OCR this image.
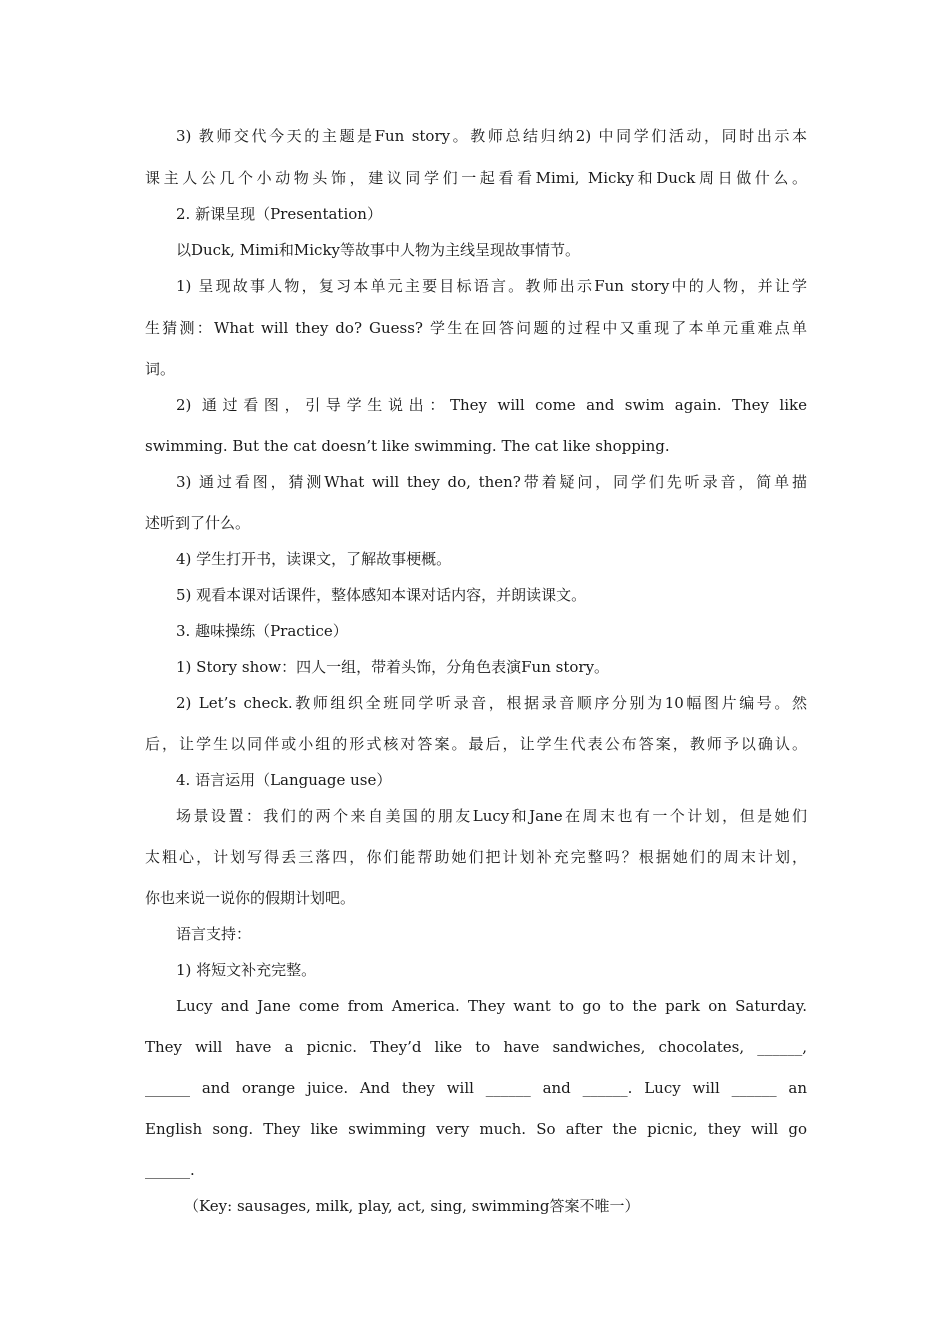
3) 教师交代今天的主题是Fun story。教师总结归纳2) 中同学们活动，同时出示本
课主人公几个小动物头饰，建议同学们一起看看Mimi, Micky和Duck周日做什么。
2. 新课呈现（Presentation）
以Duck, Mimi和Micky等故事中人物为主线呈现故事情节。
1) 呈现故事人物，复习本单元主要目标语言。教师出示Fun story中的人物，并让学
生猜测：What will they do? Guess? 学生在回答问题的过程中又重现了本单元重难点单
词。
2) 通过看图，引导学生说出：They will come and swim again. They like
swimming. But the cat doesn’t like swimming. The cat like shopping.
3) 通过看图，猜测What will they do, then?带着疑问，同学们先听录音，简单描
述听到了什么。
4) 学生打开书，读课文，了解故事梗概。
5) 观看本课对话课件，整体感知本课对话内容，并朗读课文。
3. 趣味操练（Practice）
1) Story show：四人一组，带着头饰，分角色表演Fun story。
2) Let’s check.教师组织全班同学听录音，根据录音顺序分别为10幅图片编号。然
后，让学生以同伴或小组的形式核对答案。最后，让学生代表公布答案，教师予以确认。
4. 语言运用（Language use）
场景设置：我们的两个来自美国的朋友Lucy和Jane在周末也有一个计划，但是她们
太粗心，计划写得丢三落四，你们能帮助她们把计划补充完整吗？根据她们的周末计划，
你也来说一说你的假期计划吧。
语言支持：
1) 将短文补充完整。
Lucy and Jane come from America. They want to go to the park on Saturday.
They will have a picnic. They’d like to have sandwiches, chocolates, ______,
______ and orange juice. And they will ______ and ______. Lucy will ______ an
English song. They like swimming very much. So after the picnic, they will go
______.
（Key: sausages, milk, play, act, sing, swimming答案不唯一）
